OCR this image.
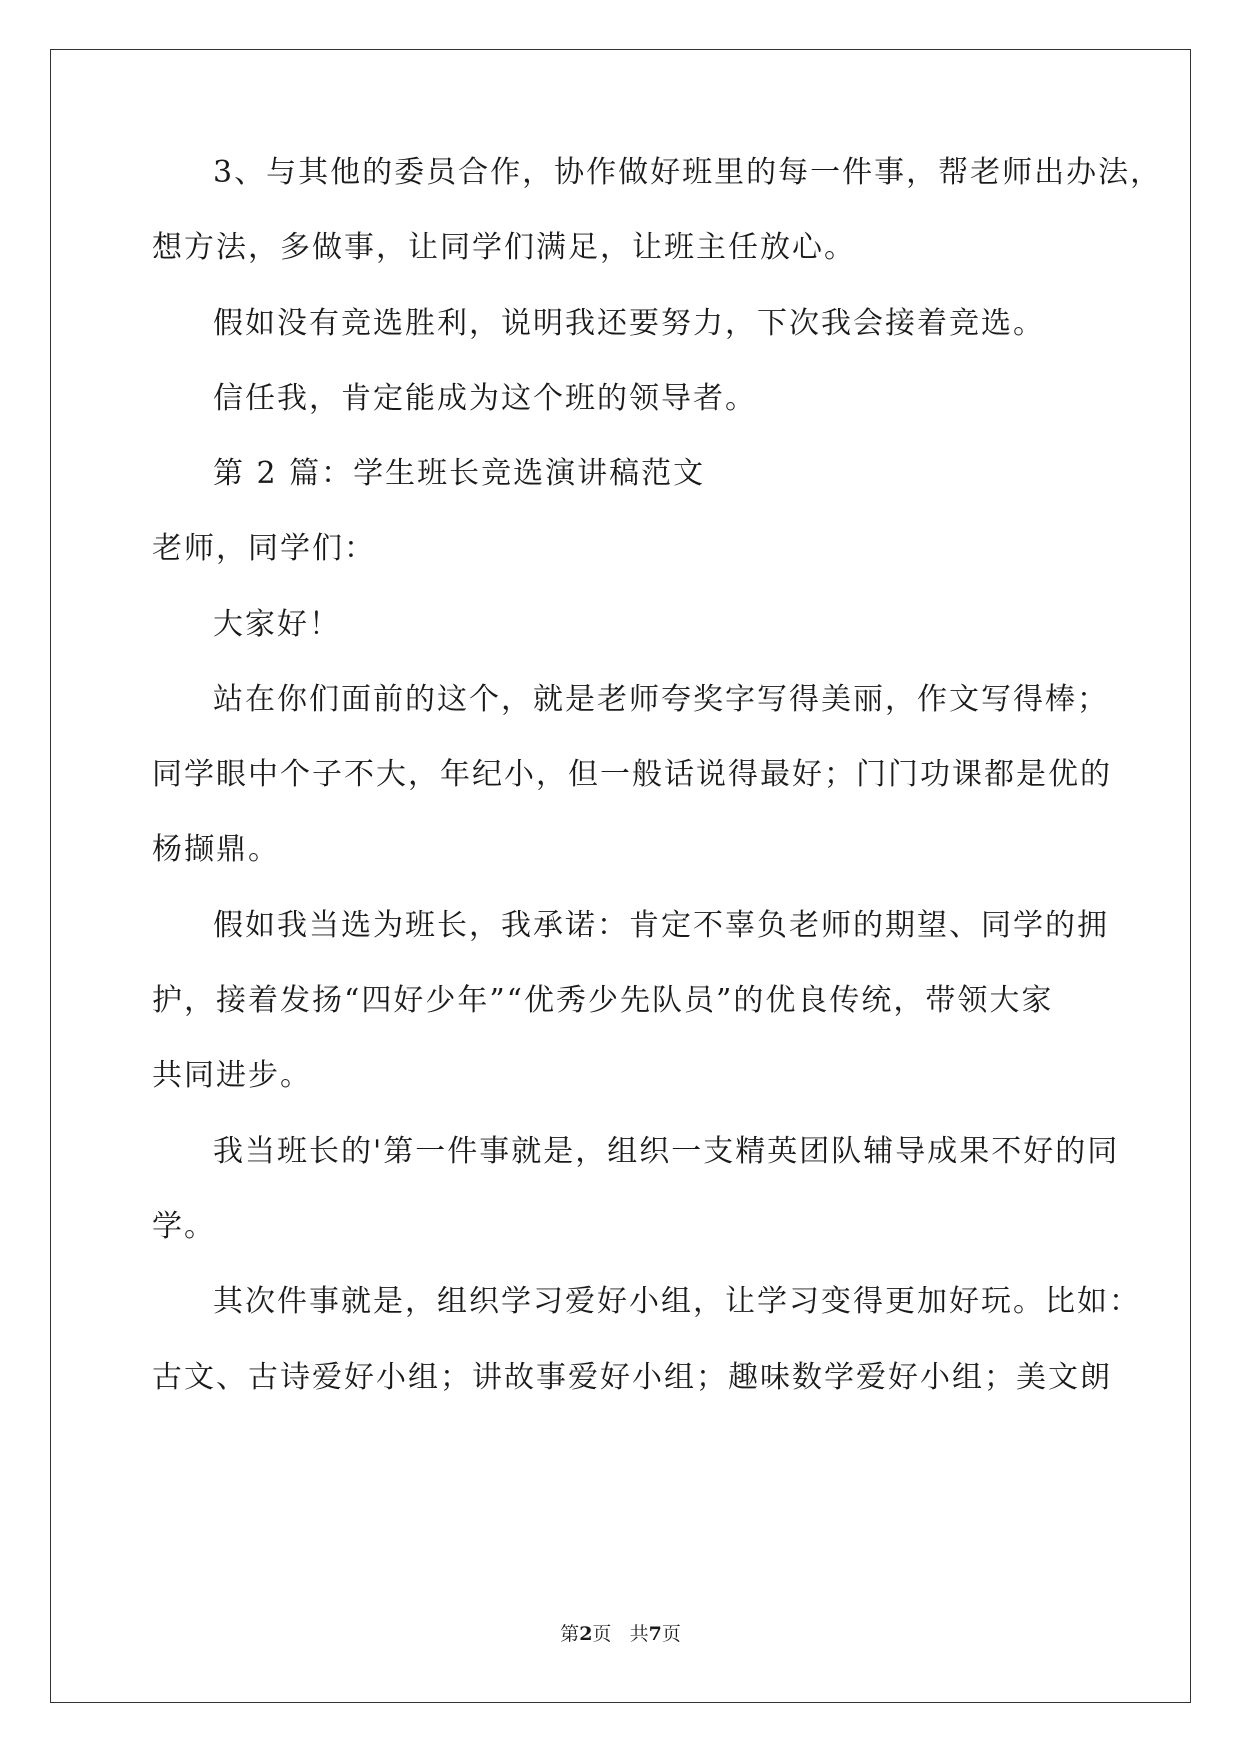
3、与其他的委员合作，协作做好班里的每一件事，帮老师出办法，
想方法，多做事，让同学们满足，让班主任放心。
假如没有竞选胜利，说明我还要努力，下次我会接着竞选。
信任我，肯定能成为这个班的领导者。
第 2 篇：学生班长竞选演讲稿范文
老师，同学们：
大家好！
站在你们面前的这个，就是老师夸奖字写得美丽，作文写得棒；
同学眼中个子不大，年纪小，但一般话说得最好；门门功课都是优的
杨撷鼎。
假如我当选为班长，我承诺：肯定不辜负老师的期望、同学的拥
护，接着发扬“四好少年”“优秀少先队员”的优良传统，带领大家
共同进步。
我当班长的'第一件事就是，组织一支精英团队辅导成果不好的同
学。
其次件事就是，组织学习爱好小组，让学习变得更加好玩。比如：
古文、古诗爱好小组；讲故事爱好小组；趣味数学爱好小组；美文朗
第2页 共7页
